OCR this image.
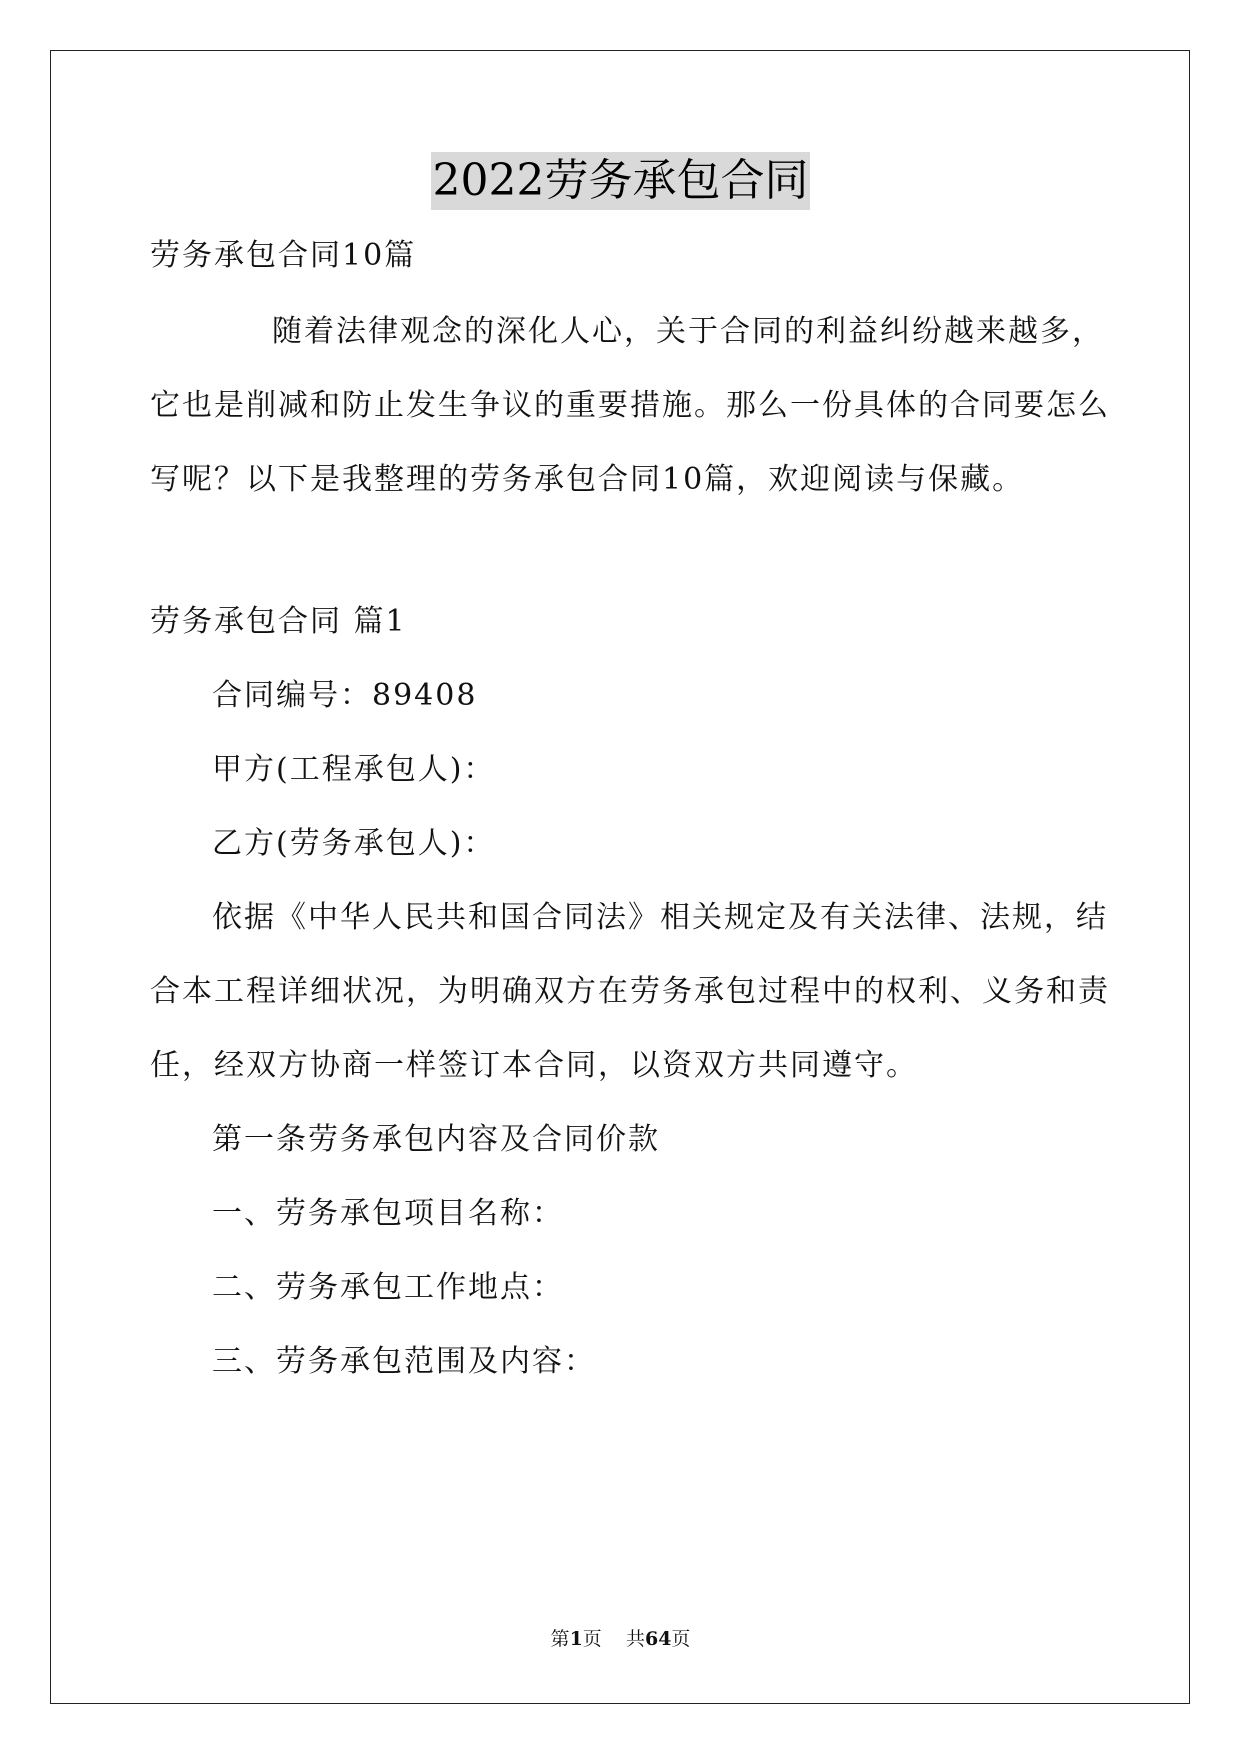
2022劳务承包合同
劳务承包合同10篇
随着法律观念的深化人心，关于合同的利益纠纷越来越多，
它也是削减和防止发生争议的重要措施。那么一份具体的合同要怎么
写呢？以下是我整理的劳务承包合同10篇，欢迎阅读与保藏。
劳务承包合同 篇1
合同编号：89408
甲方(工程承包人)：
乙方(劳务承包人)：
依据《中华人民共和国合同法》相关规定及有关法律、法规，结
合本工程详细状况，为明确双方在劳务承包过程中的权利、义务和责
任，经双方协商一样签订本合同，以资双方共同遵守。
第一条劳务承包内容及合同价款
一、劳务承包项目名称：
二、劳务承包工作地点：
三、劳务承包范围及内容：
第1页    共64页
